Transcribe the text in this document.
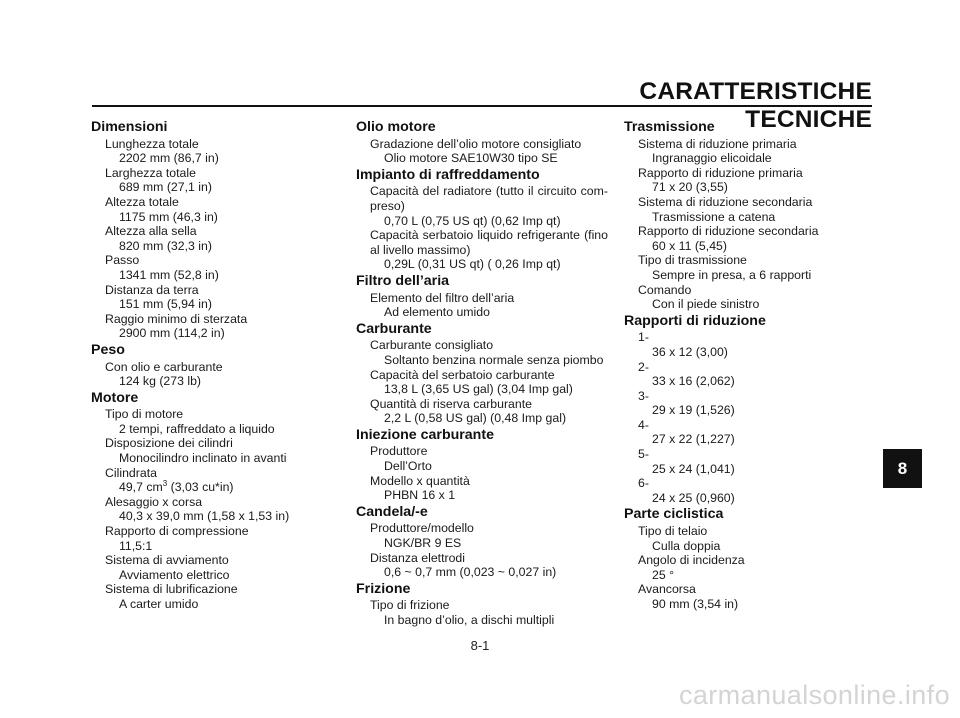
CARATTERISTICHE TECNICHE
Dimensioni
Lunghezza totale
2202 mm (86,7 in)
Larghezza totale
689 mm (27,1 in)
Altezza totale
1175 mm (46,3 in)
Altezza alla sella
820 mm (32,3 in)
Passo
1341 mm (52,8 in)
Distanza da terra
151 mm (5,94 in)
Raggio minimo di sterzata
2900 mm (114,2 in)
Peso
Con olio e carburante
124 kg (273 lb)
Motore
Tipo di motore
2 tempi, raffreddato a liquido
Disposizione dei cilindri
Monocilindro inclinato in avanti
Cilindrata
49,7 $cm^3$ (3,03 cu*in)
Alesaggio x corsa
40,3 x 39,0 mm (1,58 x 1,53 in)
Rapporto di compressione
11,5:1
Sistema di avviamento
Avviamento elettrico
Sistema di lubrificazione
A carter umido
Olio motore
Gradazione dell’olio motore consigliato
Olio motore SAE10W30 tipo SE
Impianto di raffreddamento
Capacità del radiatore (tutto il circuito com-preso)
0,70 L (0,75 US qt) (0,62 Imp qt)
Capacità serbatoio liquido refrigerante (fino al livello massimo)
0,29L (0,31 US qt) ( 0,26 Imp qt)
Filtro dell’aria
Elemento del filtro dell’aria
Ad elemento umido
Carburante
Carburante consigliato
Soltanto benzina normale senza piombo
Capacità del serbatoio carburante
13,8 L (3,65 US gal) (3,04 Imp gal)
Quantità di riserva carburante
2,2 L (0,58 US gal) (0,48 Imp gal)
Iniezione carburante
Produttore
Dell’Orto
Modello x quantità
PHBN 16 x 1
Candela/-e
Produttore/modello
NGK/BR 9 ES
Distanza elettrodi
0,6 ~ 0,7 mm (0,023 ~ 0,027 in)
Frizione
Tipo di frizione
In bagno d’olio, a dischi multipli
Trasmissione
Sistema di riduzione primaria
Ingranaggio elicoidale
Rapporto di riduzione primaria
71 x 20 (3,55)
Sistema di riduzione secondaria
Trasmissione a catena
Rapporto di riduzione secondaria
60 x 11 (5,45)
Tipo di trasmissione
Sempre in presa, a 6 rapporti
Comando
Con il piede sinistro
Rapporti di riduzione
1-
36 x 12 (3,00)
2-
33 x 16 (2,062)
3-
29 x 19 (1,526)
4-
27 x 22 (1,227)
5-
25 x 24 (1,041)
6-
24 x 25 (0,960)
Parte ciclistica
Tipo di telaio
Culla doppia
Angolo di incidenza
25 °
Avancorsa
90 mm (3,54 in)
8-1
8
carmanualsonline.info
